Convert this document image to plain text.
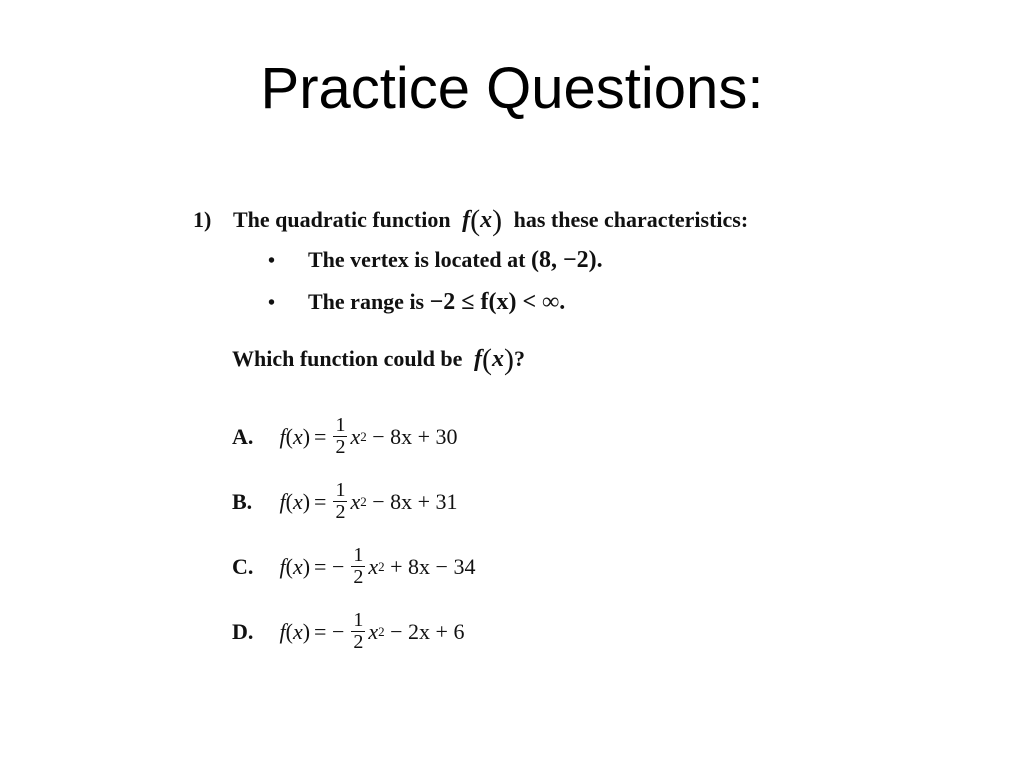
Practice Questions:
1) The quadratic function  f(x) has these characteristics:
• The vertex is located at (8, −2).
• The range is −2 ≤ f(x) < ∞.
Which function could be  f(x)?
A. f ( x ) = $\frac{1}{2}$ x 2
− 8x + 30
B. f ( x ) = $\frac{1}{2}$ x 2
− 8x + 31
C. f ( x ) = − $\frac{1}{2}$ x 2
+ 8x − 34
D. f ( x ) = − $\frac{1}{2}$ x 2
− 2x + 6
